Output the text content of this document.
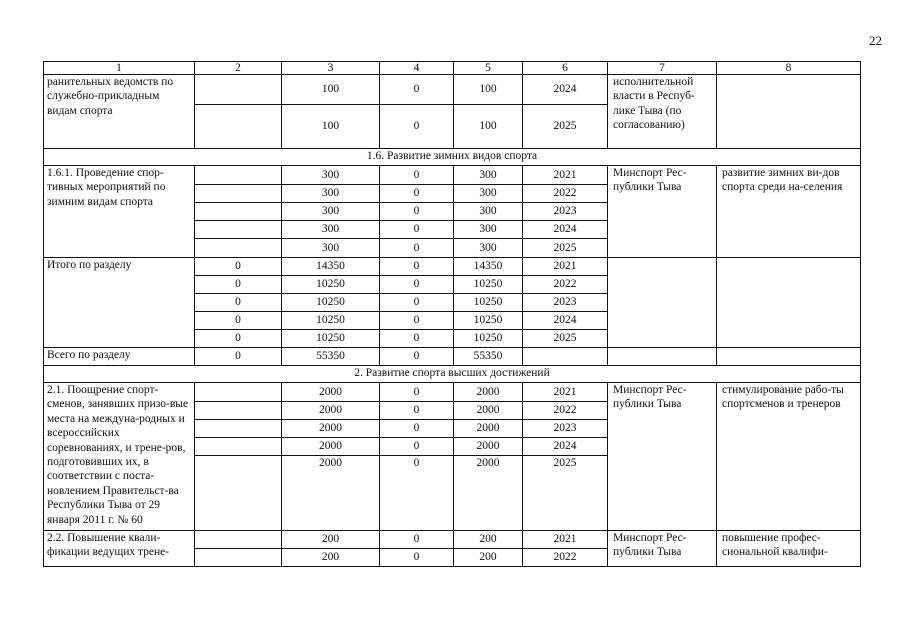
22
1	2	3	4	5	6	7	8
ранительных ведомств по служебно-прикладным видам спорта		100	0	100	2024	исполнительной власти в Респуб-лике Тыва (по согласованию)	
		100	0	100	2025		
1.6. Развитие зимних видов спорта							
1.6.1. Проведение спор-тивных мероприятий по зимним видам спорта		300	0	300	2021	Минспорт Рес-публики Тыва	развитие зимних ви-дов спорта среди на-селения
		300	0	300	2022		
		300	0	300	2023		
		300	0	300	2024		
		300	0	300	2025		
Итого по разделу	0	14350	0	14350	2021		
	0	10250	0	10250	2022		
	0	10250	0	10250	2023		
	0	10250	0	10250	2024		
	0	10250	0	10250	2025		
Всего по разделу	0	55350	0	55350			
2. Развитие спорта высших достижений							
2.1. Поощрение спорт-сменов, занявших призо-вые места на междуна-родных и всероссийских соревнованиях, и трене-ров, подготовивших их, в соответствии с поста-новлением Правительст-ва Республики Тыва от 29 января 2011 г. № 60		2000	0	2000	2021	Минспорт Рес-публики Тыва	стимулирование рабо-ты спортсменов и тренеров
		2000	0	2000	2022		
		2000	0	2000	2023		
		2000	0	2000	2024		
		2000	0	2000	2025		
2.2. Повышение квали-фикации ведущих трене-		200	0	200	2021	Минспорт Рес-публики Тыва	повышение профес-сиональной квалифи-
		200	0	200	2022		
